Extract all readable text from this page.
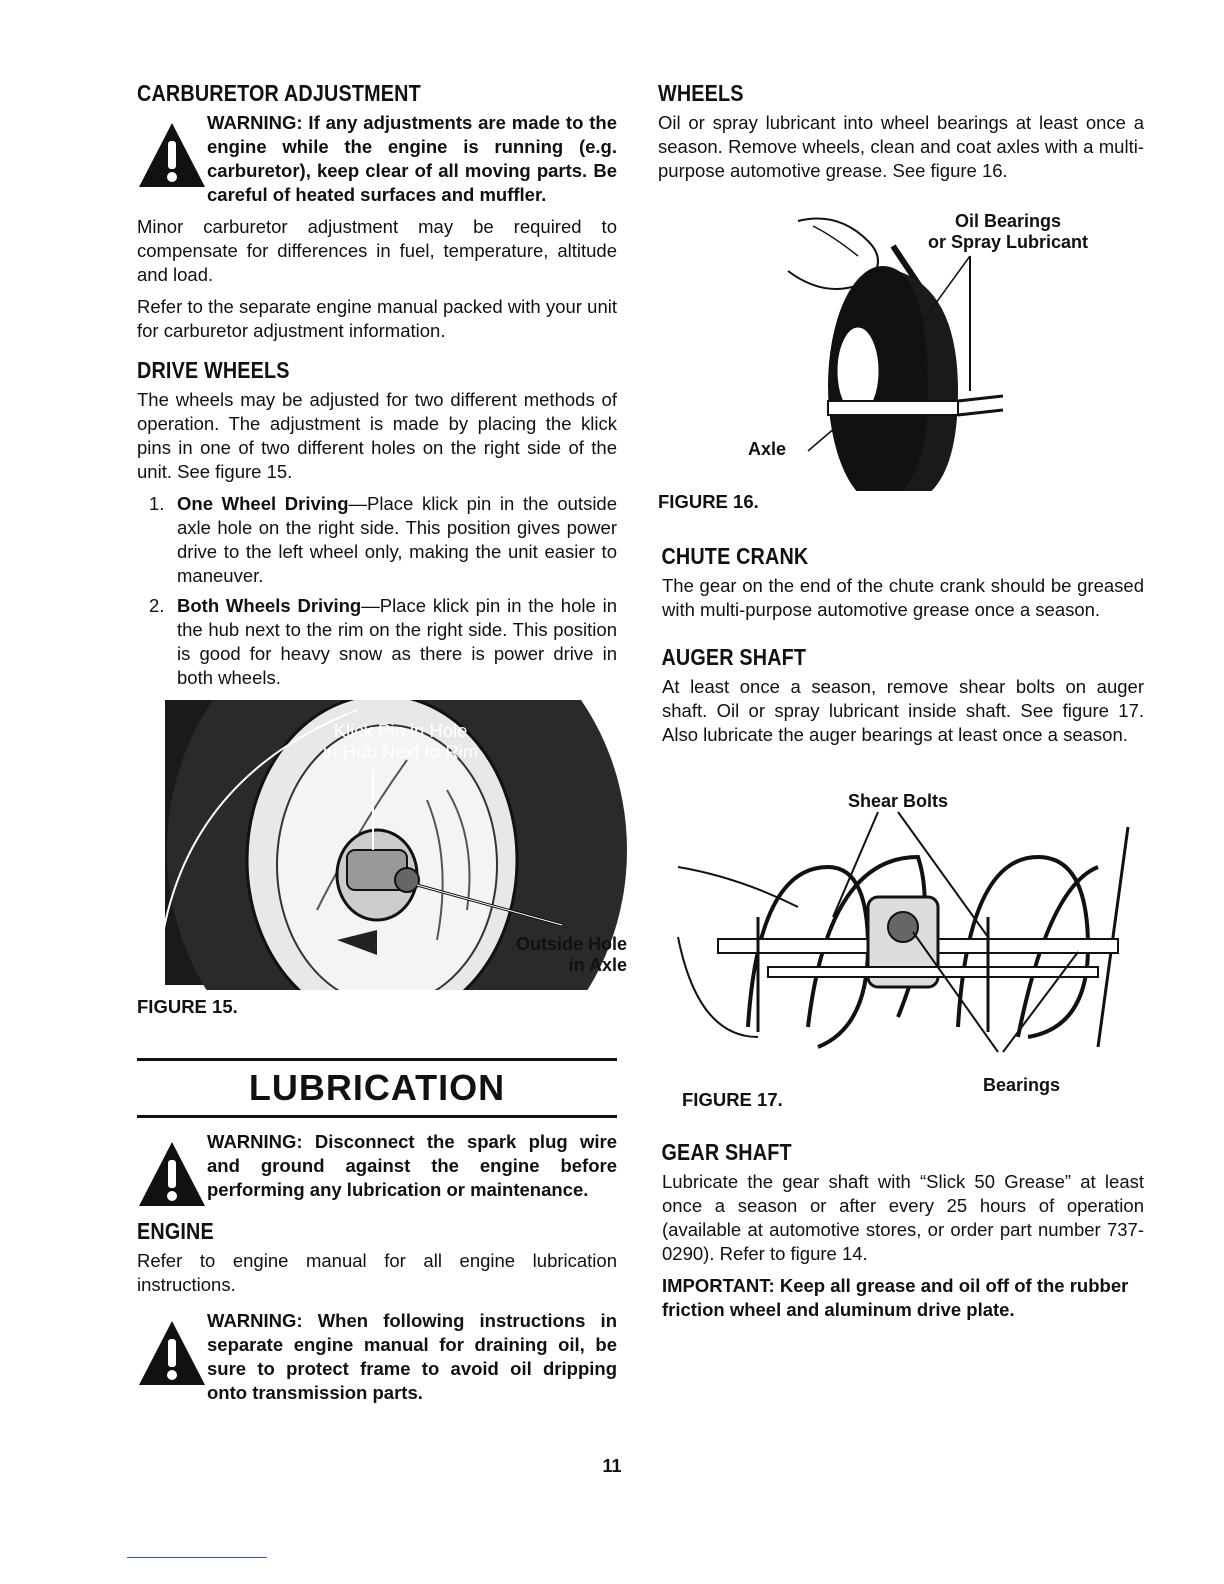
CARBURETOR ADJUSTMENT
WARNING: If any adjustments are made to the engine while the engine is running (e.g. carburetor), keep clear of all moving parts. Be careful of heated surfaces and muffler.

Minor carburetor adjustment may be required to compensate for differences in fuel, temperature, altitude and load.

Refer to the separate engine manual packed with your unit for carburetor adjustment information.

DRIVE WHEELS

The wheels may be adjusted for two different methods of operation. The adjustment is made by placing the klick pins in one of two different holes on the right side of the unit. See figure 15.

1. One Wheel Driving—Place klick pin in the outside axle hole on the right side. This position gives power drive to the left wheel only, making the unit easier to maneuver.
2. Both Wheels Driving—Place klick pin in the hole in the hub next to the rim on the right side. This position is good for heavy snow as there is power drive in both wheels.
Klick Pin in Hole
in Hub Next to Rim
Outside Hole
in Axle
FIGURE 15.
LUBRICATION
WARNING: Disconnect the spark plug wire and ground against the engine before performing any lubrication or maintenance.
ENGINE

Refer to engine manual for all engine lubrication instructions.

WARNING: When following instructions in separate engine manual for draining oil, be sure to protect frame to avoid oil dripping onto transmission parts.
WHEELS

Oil or spray lubricant into wheel bearings at least once a season. Remove wheels, clean and coat axles with a multi-purpose automotive grease. See figure 16.

Oil Bearings
or Spray Lubricant
Axle
FIGURE 16.
CHUTE CRANK

The gear on the end of the chute crank should be greased with multi-purpose automotive grease once a season.

AUGER SHAFT

At least once a season, remove shear bolts on auger shaft. Oil or spray lubricant inside shaft. See figure 17. Also lubricate the auger bearings at least once a season.

Shear Bolts
Bearings
FIGURE 17.
GEAR SHAFT

Lubricate the gear shaft with “Slick 50 Grease” at least once a season or after every 25 hours of operation (available at automotive stores, or order part number 737-0290). Refer to figure 14.

IMPORTANT: Keep all grease and oil off of the rubber friction wheel and aluminum drive plate.

11
